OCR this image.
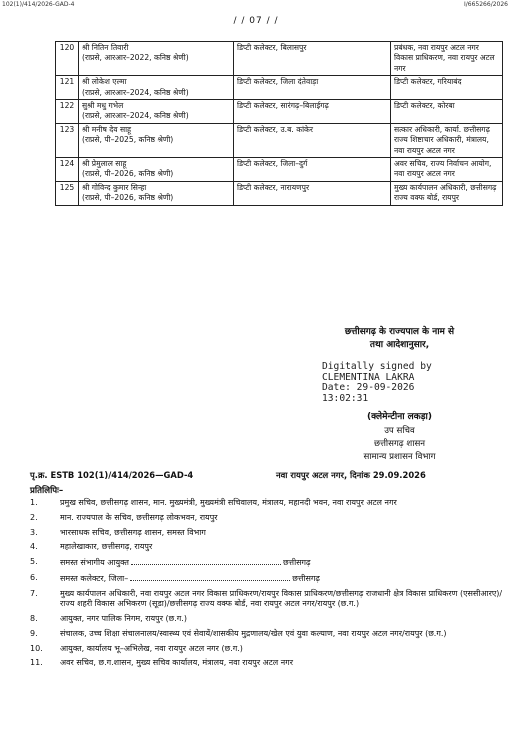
102(1)/414/2026-GAD-4	I/665266/2026
/ / 07 / /
120	श्री नितिन तिवारी
(राप्रसे, आरआर–2022, कनिष्ठ श्रेणी)	डिप्टी कलेक्टर, बिलासपुर	प्रबंधक, नवा रायपुर अटल नगर विकास प्राधिकरण, नवा रायपुर अटल नगर
121	श्री लोकेश एल्मा
(राप्रसे, आरआर–2024, कनिष्ठ श्रेणी)	डिप्टी कलेक्टर, जिला दंतेवाड़ा	डिप्टी कलेक्टर, गरियाबंद
122	सुश्री मधु गभेल
(राप्रसे, आरआर–2024, कनिष्ठ श्रेणी)	डिप्टी कलेक्टर, सारंगढ़–बिलाईगढ़	डिप्टी कलेक्टर, कोरबा
123	श्री मनीष देव साहू
(राप्रसे, पी–2025, कनिष्ठ श्रेणी)	डिप्टी कलेक्टर, उ.ब. कांकेर	सत्कार अधिकारी, कार्या. छत्तीसगढ़ राज्य शिष्टाचार अधिकारी, मंत्रालय, नवा रायपुर अटल नगर
124	श्री प्रेमुलाल साहू
(राप्रसे, पी–2026, कनिष्ठ श्रेणी)	डिप्टी कलेक्टर, जिला–दुर्ग	अवर सचिव, राज्य निर्वाचन आयोग, नवा रायपुर अटल नगर
125	श्री गोविन्द कुमार सिन्हा
(राप्रसे, पी–2026, कनिष्ठ श्रेणी)	डिप्टी कलेक्टर, नारायणपुर	मुख्य कार्यपालन अधिकारी, छत्तीसगढ़ राज्य वक्फ बोर्ड, रायपुर
छत्तीसगढ़ के राज्यपाल के नाम से
तथा आदेशानुसार,
Digitally signed by
CLEMENTINA LAKRA
Date: 29-09-2026
13:02:31
(क्लेमेन्टीना लकड़ा)
उप सचिव
छत्तीसगढ़ शासन
सामान्य प्रशासन विभाग
पृ.क्र. ESTB 102(1)/414/2026—GAD-4	नवा रायपुर अटल नगर, दिनांक 29.09.2026
प्रतिलिपिः–
1.	प्रमुख सचिव, छत्तीसगढ़ शासन, मान. मुख्यमंत्री, मुख्यमंत्री सचिवालय, मंत्रालय, महानदी भवन, नवा रायपुर अटल नगर
2.	मान. राज्यपाल के सचिव, छत्तीसगढ़ लोकभवन, रायपुर
3.	भारसाधक सचिव, छत्तीसगढ़ शासन, समस्त विभाग
4.	महालेखाकार, छत्तीसगढ़, रायपुर
5.	समस्त संभागीय आयुक्त	छत्तीसगढ़
6.	समस्त कलेक्टर, जिला–	छत्तीसगढ़
7.	मुख्य कार्यपालन अधिकारी, नवा रायपुर अटल नगर विकास प्राधिकरण/रायपुर विकास प्राधिकरण/छत्तीसगढ़ राजधानी क्षेत्र विकास प्राधिकरण (एससीआरए)/राज्य शहरी विकास अभिकरण (सूडा)/छत्तीसगढ़ राज्य वक्फ बोर्ड, नवा रायपुर अटल नगर/रायपुर (छ.ग.)
8.	आयुक्त, नगर पालिक निगम, रायपुर (छ.ग.)
9.	संचालक, उच्च शिक्षा संचालनालय/स्वास्थ्य एवं सेवायें/शासकीय मुद्रणालय/खेल एवं युवा कल्याण, नवा रायपुर अटल नगर/रायपुर (छ.ग.)
10.	आयुक्त, कार्यालय भू–अभिलेख, नवा रायपुर अटल नगर (छ.ग.)
11.	अवर सचिव, छ.ग.शासन, मुख्य सचिव कार्यालय, मंत्रालय, नवा रायपुर अटल नगर
